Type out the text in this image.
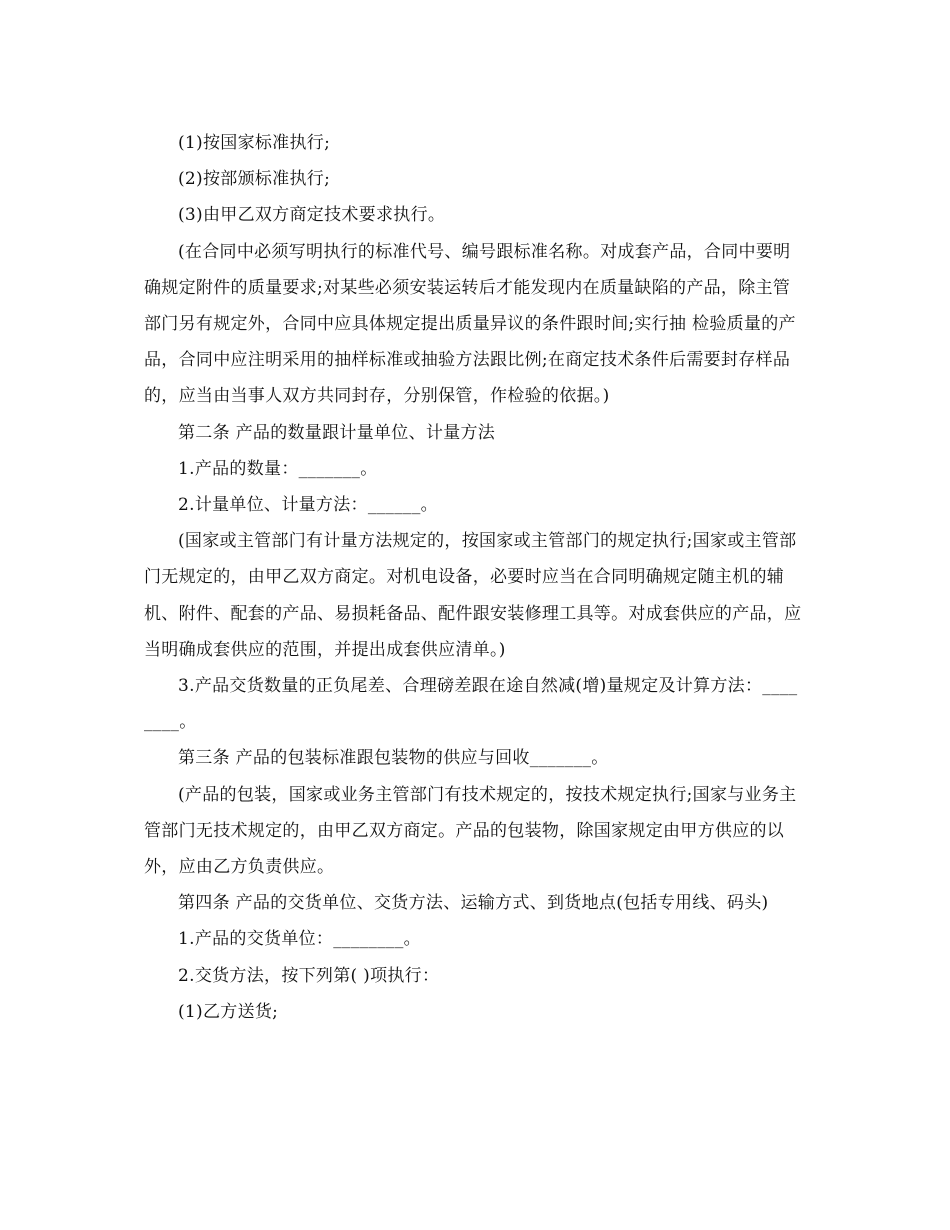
(1)按国家标准执行;

(2)按部颁标准执行;

(3)由甲乙双方商定技术要求执行。

(在合同中必须写明执行的标准代号、编号跟标准名称。对成套产品，合同中要明确规定附件的质量要求;对某些必须安装运转后才能发现内在质量缺陷的产品，除主管部门另有规定外，合同中应具体规定提出质量异议的条件跟时间;实行抽 检验质量的产品，合同中应注明采用的抽样标准或抽验方法跟比例;在商定技术条件后需要封存样品的，应当由当事人双方共同封存，分别保管，作检验的依据。)

第二条 产品的数量跟计量单位、计量方法

1.产品的数量：_______。

2.计量单位、计量方法：______。

(国家或主管部门有计量方法规定的，按国家或主管部门的规定执行;国家或主管部门无规定的，由甲乙双方商定。对机电设备，必要时应当在合同明确规定随主机的辅机、附件、配套的产品、易损耗备品、配件跟安装修理工具等。对成套供应的产品，应当明确成套供应的范围，并提出成套供应清单。)

3.产品交货数量的正负尾差、合理磅差跟在途自然减(增)量规定及计算方法：________。

第三条 产品的包装标准跟包装物的供应与回收_______。

(产品的包装，国家或业务主管部门有技术规定的，按技术规定执行;国家与业务主管部门无技术规定的，由甲乙双方商定。产品的包装物，除国家规定由甲方供应的以外，应由乙方负责供应。

第四条 产品的交货单位、交货方法、运输方式、到货地点(包括专用线、码头)

1.产品的交货单位：________。

2.交货方法，按下列第( )项执行：

(1)乙方送货;
